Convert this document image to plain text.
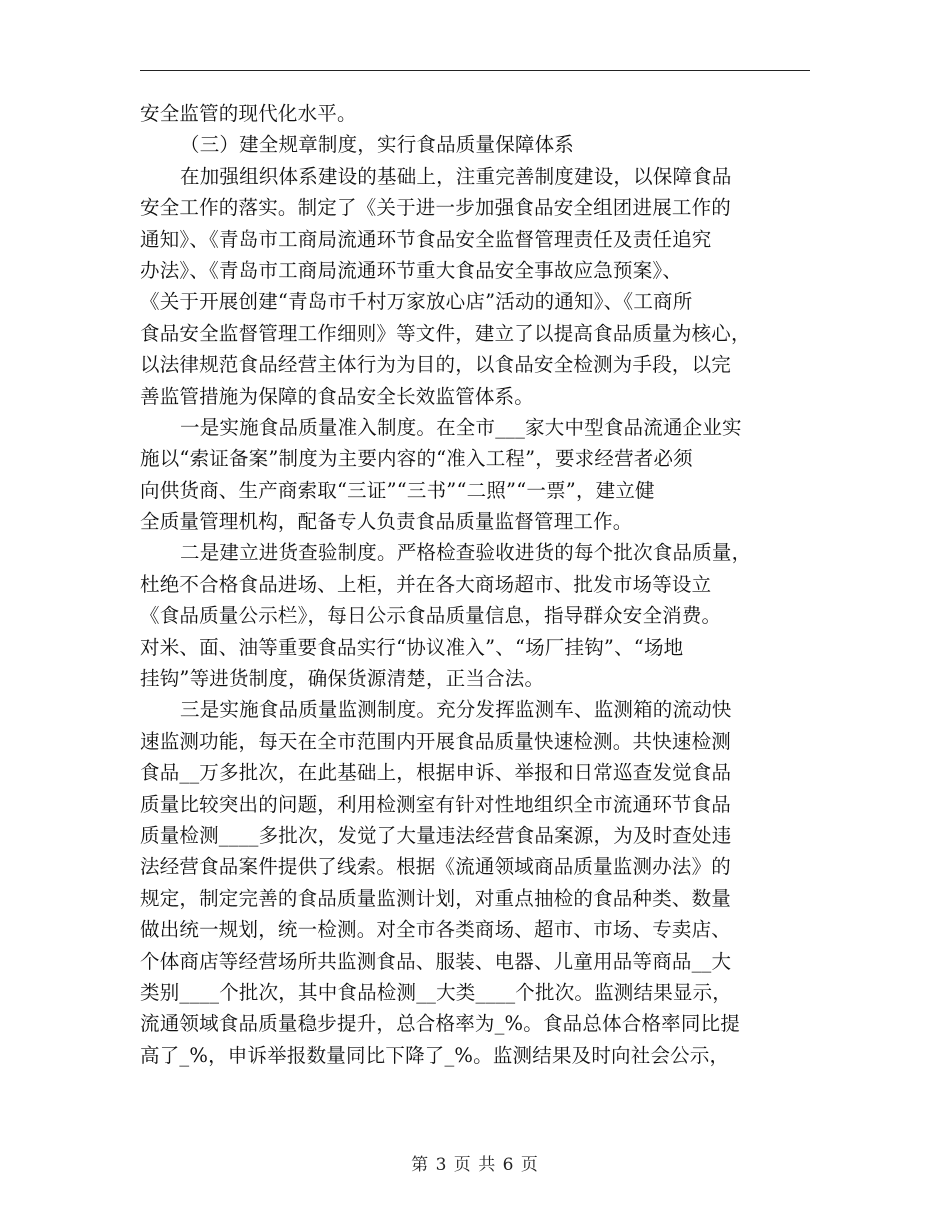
安全监管的现代化水平。
（三）建全规章制度，实行食品质量保障体系
在加强组织体系建设的基础上，注重完善制度建设，以保障食品
安全工作的落实。制定了《关于进一步加强食品安全组团进展工作的
通知》、《青岛市工商局流通环节食品安全监督管理责任及责任追究
办法》、《青岛市工商局流通环节重大食品安全事故应急预案》、
《关于开展创建“青岛市千村万家放心店”活动的通知》、《工商所
食品安全监督管理工作细则》等文件，建立了以提高食品质量为核心，
以法律规范食品经营主体行为为目的，以食品安全检测为手段，以完
善监管措施为保障的食品安全长效监管体系。
一是实施食品质量准入制度。在全市___家大中型食品流通企业实
施以“索证备案”制度为主要内容的“准入工程”，要求经营者必须
向供货商、生产商索取“三证”“三书”“二照”“一票”，建立健
全质量管理机构，配备专人负责食品质量监督管理工作。
二是建立进货查验制度。严格检查验收进货的每个批次食品质量，
杜绝不合格食品进场、上柜，并在各大商场超市、批发市场等设立
《食品质量公示栏》，每日公示食品质量信息，指导群众安全消费。
对米、面、油等重要食品实行“协议准入”、“场厂挂钩”、“场地
挂钩”等进货制度，确保货源清楚，正当合法。
三是实施食品质量监测制度。充分发挥监测车、监测箱的流动快
速监测功能，每天在全市范围内开展食品质量快速检测。共快速检测
食品__万多批次，在此基础上，根据申诉、举报和日常巡查发觉食品
质量比较突出的问题，利用检测室有针对性地组织全市流通环节食品
质量检测____多批次，发觉了大量违法经营食品案源，为及时查处违
法经营食品案件提供了线索。根据《流通领域商品质量监测办法》的
规定，制定完善的食品质量监测计划，对重点抽检的食品种类、数量
做出统一规划，统一检测。对全市各类商场、超市、市场、专卖店、
个体商店等经营场所共监测食品、服装、电器、儿童用品等商品__大
类别____个批次，其中食品检测__大类____个批次。监测结果显示，
流通领域食品质量稳步提升，总合格率为_%。食品总体合格率同比提
高了_%，申诉举报数量同比下降了_%。监测结果及时向社会公示，
第 3 页 共 6 页
